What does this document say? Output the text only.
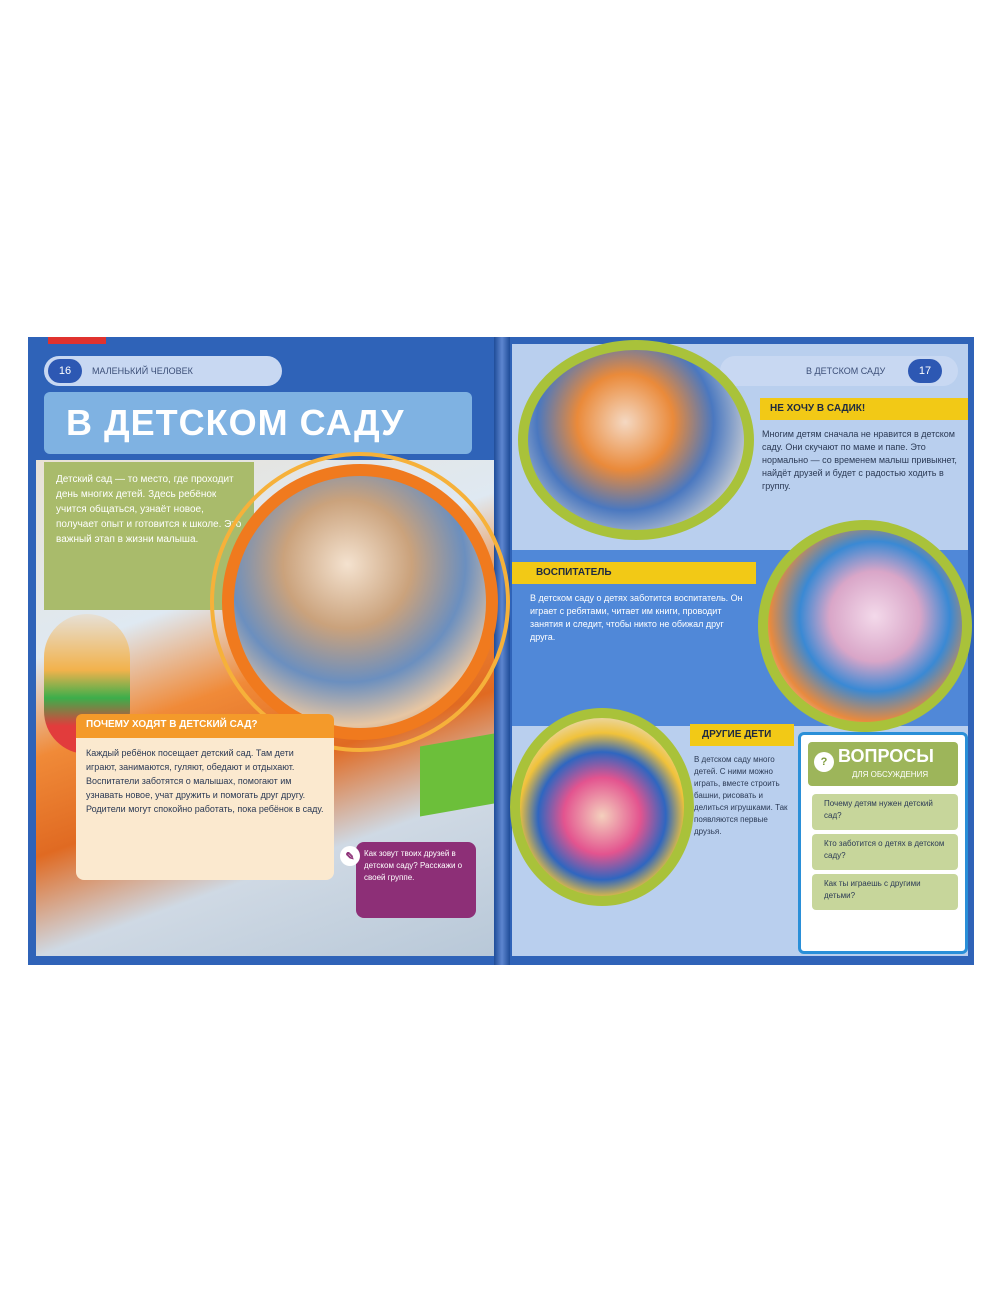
16	МАЛЕНЬКИЙ ЧЕЛОВЕК
В ДЕТСКОМ САДУ
Детский сад — то место, где проходит день многих детей. Здесь ребёнок учится общаться, узнаёт новое, получает опыт и готовится к школе. Это важный этап в жизни малыша.
ПОЧЕМУ ХОДЯТ В ДЕТСКИЙ САД?
Каждый ребёнок посещает детский сад. Там дети играют, занимаются, гуляют, обедают и отдыхают. Воспитатели заботятся о малышах, помогают им узнавать новое, учат дружить и помогать друг другу. Родители могут спокойно работать, пока ребёнок в саду.
✎	Как зовут твоих друзей в детском саду? Расскажи о своей группе.
В ДЕТСКОМ САДУ	17
НЕ ХОЧУ В САДИК!
Многим детям сначала не нравится в детском саду. Они скучают по маме и папе. Это нормально — со временем малыш привыкнет, найдёт друзей и будет с радостью ходить в группу.
ВОСПИТАТЕЛЬ
В детском саду о детях заботится воспитатель. Он играет с ребятами, читает им книги, проводит занятия и следит, чтобы никто не обижал друг друга.
ДРУГИЕ ДЕТИ
В детском саду много детей. С ними можно играть, вместе строить башни, рисовать и делиться игрушками. Так появляются первые друзья.
? ВОПРОСЫ
ДЛЯ ОБСУЖДЕНИЯ
Почему детям нужен детский сад?
Кто заботится о детях в детском саду?
Как ты играешь с другими детьми?
